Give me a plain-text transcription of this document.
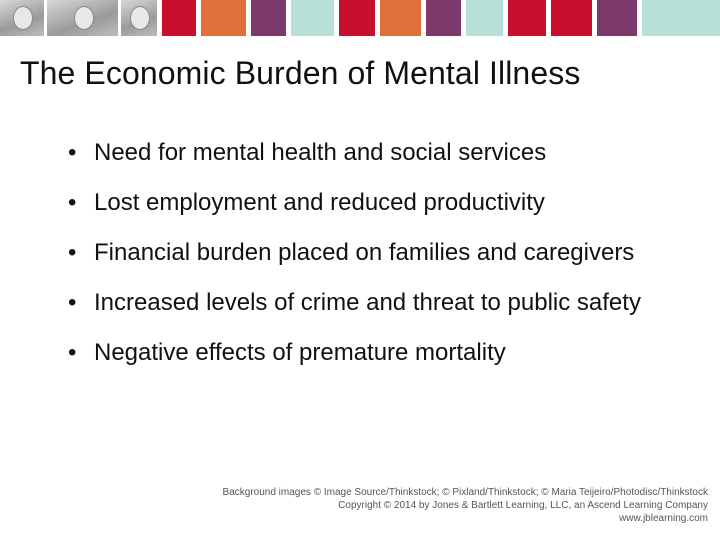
The Economic Burden of Mental Illness
• Need for mental health and social services
• Lost employment and reduced productivity
• Financial burden placed on families and caregivers
• Increased levels of crime and threat to public safety
• Negative effects of premature mortality
Background images © Image Source/Thinkstock; © Pixland/Thinkstock; © Maria Teijeiro/Photodisc/Thinkstock
Copyright © 2014 by Jones & Bartlett Learning, LLC, an Ascend Learning Company
www.jblearning.com
